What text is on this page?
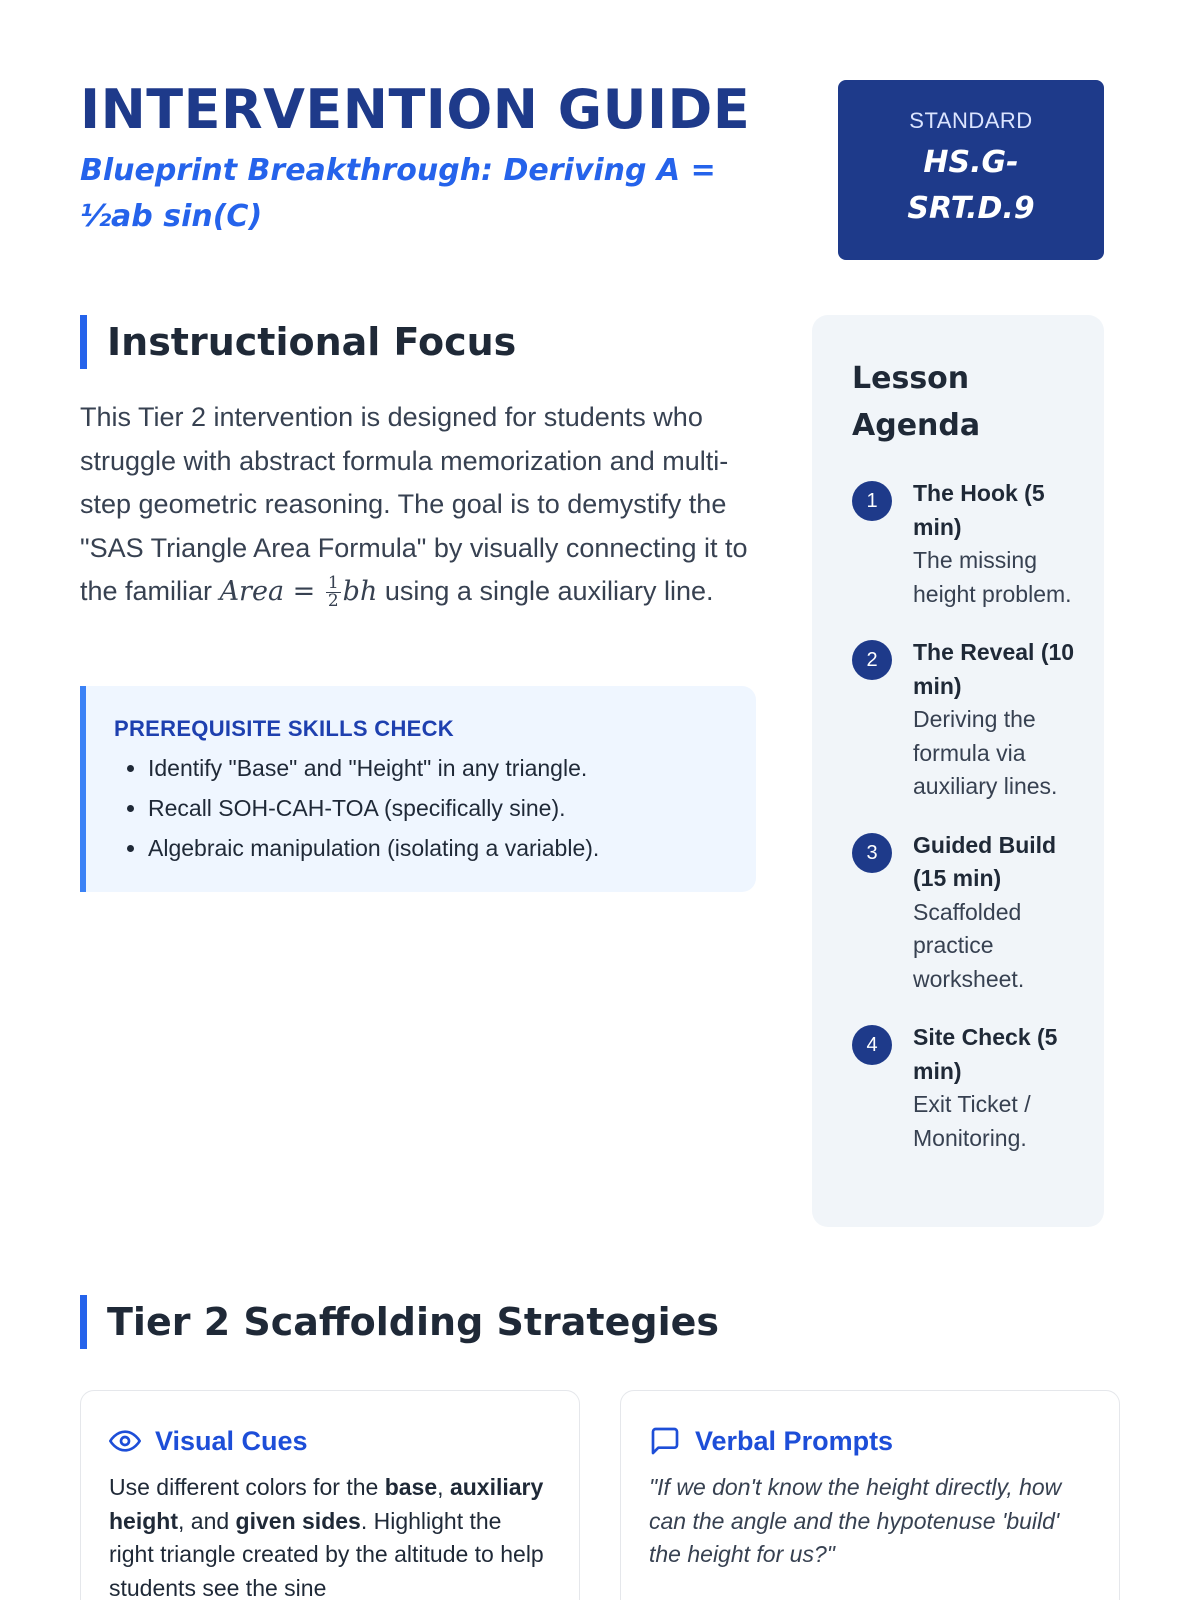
INTERVENTION GUIDE
Blueprint Breakthrough: Deriving A = ½ab sin(C)
STANDARD
HS.G-SRT.D.9
Instructional Focus

This Tier 2 intervention is designed for students who struggle with abstract formula memorization and multi-step geometric reasoning. The goal is to demystify the "SAS Triangle Area Formula" by visually connecting it to the familiar Area = $\frac{1}{2}$ bh using a single auxiliary line.

PREREQUISITE SKILLS CHECK
• Identify "Base" and "Height" in any triangle.
• Recall SOH-CAH-TOA (specifically sine).
• Algebraic manipulation (isolating a variable).
Lesson Agenda
1	The Hook (5 min)
The missing height problem.
2	The Reveal (10 min)
Deriving the formula via auxiliary lines.
3	Guided Build (15 min)
Scaffolded practice worksheet.
4	Site Check (5 min)
Exit Ticket / Monitoring.
Tier 2 Scaffolding Strategies
Visual Cues

Use different colors for the base, auxiliary height, and given sides. Highlight the right triangle created by the altitude to help students see the sine

Verbal Prompts

"If we don't know the height directly, how can the angle and the hypotenuse 'build' the height for us?"
